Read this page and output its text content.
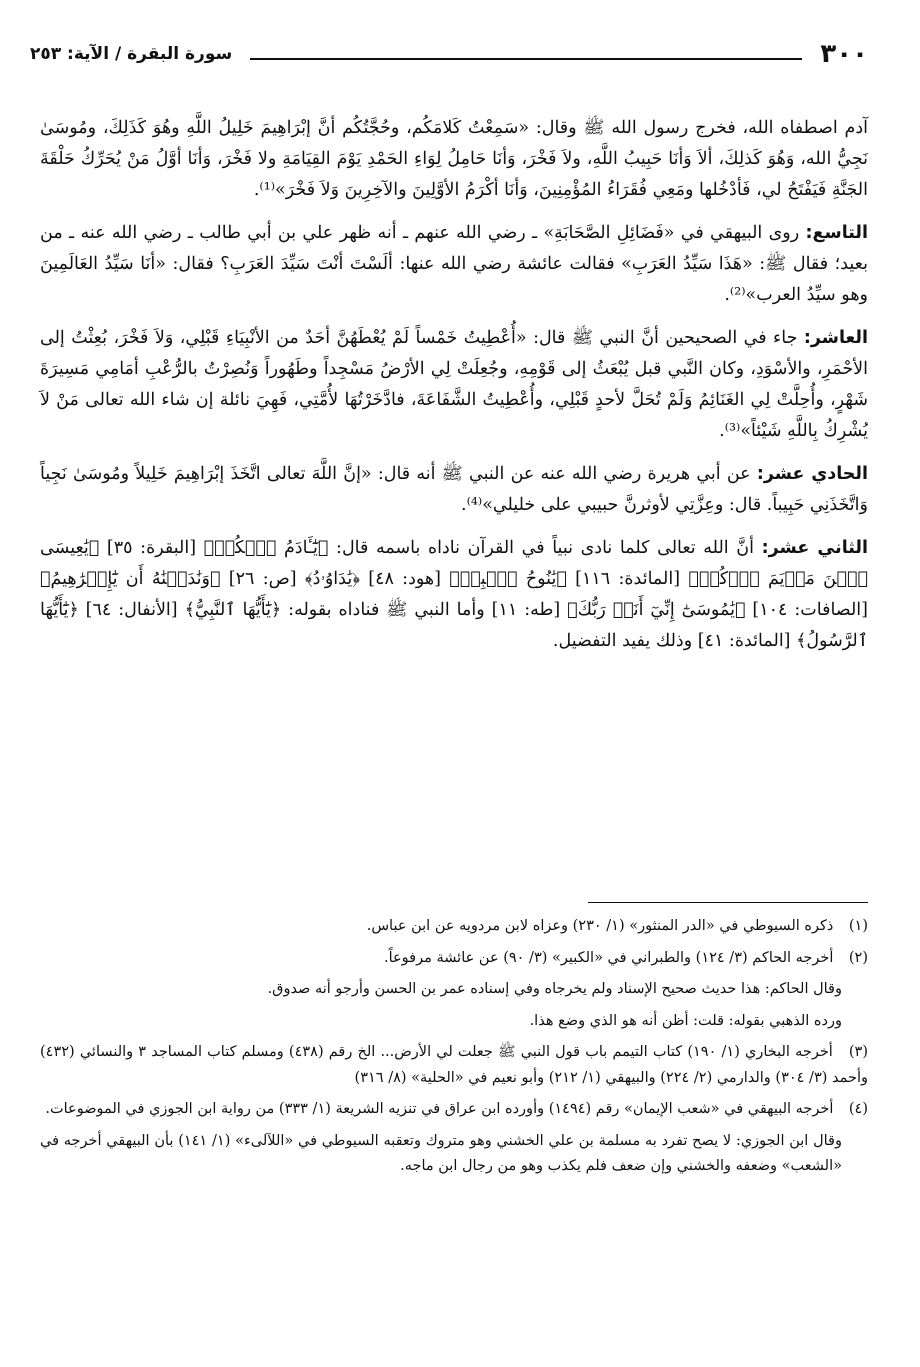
٣٠٠
سورة البقرة / الآية: ٢٥٣

آدم اصطفاه الله، فخرج رسول الله ﷺ وقال: «سَمِعْتُ كَلامَكُم، وحُجَّتُكُم أنَّ إبْرَاهِيمَ خَلِيلُ اللَّهِ وهُوَ كَذَلِكَ، ومُوسَىٰ نَجِيُّ الله، وَهُوَ كَذلِكَ، ألاَ وَأنَا حَبِيبُ اللَّهِ، ولاَ فَخْرَ، وَأنَا حَامِلُ لِوَاءِ الحَمْدِ يَوْمَ القِيَامَةِ ولا فَخْرَ، وَأنَا أوَّلُ مَنْ يُحَرِّكُ حَلْقَةَ الجَنَّةِ فَيَفْتَحُ لي، فَأدْخُلها ومَعِي فُقَرَاءُ المُؤْمِنِينَ، وَأنَا أكْرَمُ الأوَّلِينَ والآخِرِينَ وَلاَ فَخْرَ»⁽¹⁾.

التاسع: روى البيهقي في «فَضَائِلِ الصَّحَابَةِ» ـ رضي الله عنهم ـ أنه ظهر علي بن أبي طالب ـ رضي الله عنه ـ من بعيد؛ فقال ﷺ: «هَذَا سَيِّدُ العَرَبِ» فقالت عائشة رضي الله عنها: ألَسْتَ أنْتَ سَيِّدَ العَرَبِ؟ فقال: «أنَا سَيِّدُ العَالَمِينَ وهو سيِّدُ العرب»⁽²⁾.

العاشر: جاء في الصحيحين أنَّ النبي ﷺ قال: «أُعْطِيتُ خَمْساً لَمْ يُعْطَهُنَّ أحَدٌ من الأنْبِيَاءِ قَبْلِي، وَلاَ فَخْرَ، بُعِثْتُ إلى الأحْمَرِ، والأسْوَدِ، وكان النَّبي قبل يُبْعَثُ إلى قَوْمِهِ، وجُعِلَتْ لِي الأرْضُ مَسْجِداً وطَهُوراً وَنُصِرْتُ بالرُّعْبِ أمَامِي مَسِيرَةَ شَهْرٍ، وأُحِلَّتْ لِي الغَنَائِمُ وَلَمْ تُحَلَّ لأحدٍ قَبْلِي، وأُعْطِيتُ الشَّفَاعَةَ، فادَّخَرْتُهَا لأُمَّتِي، فَهِيَ نائلة إن شاء الله تعالى مَنْ لاَ يُشْرِكُ بِاللَّهِ شَيْئاً»⁽³⁾.

الحادي عشر: عن أبي هريرة رضي الله عنه عن النبي ﷺ أنه قال: «إنَّ اللَّهَ تعالى اتَّخَذَ إبْرَاهِيمَ خَلِيلاً ومُوسَىٰ نَجِياً وَاتَّخَذَنِي حَبِيباً. قال: وعِزَّتِي لأوثرنَّ حبيبي على خليلي»⁽⁴⁾.

الثاني عشر: أنَّ الله تعالى كلما نادى نبياً في القرآن ناداه باسمه قال: ﴿يَٰٓـَٔادَمُ ٱسۡكُنۡ﴾ [البقرة: ٣٥] ﴿يَٰعِيسَى ٱبۡنَ مَرۡيَمَ ٱذۡكُرۡ﴾ [المائدة: ١١٦] ﴿يَٰنُوحُ ٱهۡبِطۡ﴾ [هود: ٤٨] ﴿يَٰدَاوُۥدُ﴾ [ص: ٢٦] ﴿وَنَٰدَيۡنَٰهُ أَن يَٰٓإِبۡرَٰهِيمُ﴾ [الصافات: ١٠٤] ﴿يَٰمُوسَىٰٓ إِنِّيٓ أَنَا۠ رَبُّكَ﴾ [طه: ١١] وأما النبي ﷺ فناداه بقوله: ﴿يَٰٓأَيُّهَا ٱلنَّبِيُّ﴾ [الأنفال: ٦٤] ﴿يَٰٓأَيُّهَا ٱلرَّسُولُ﴾ [المائدة: ٤١] وذلك يفيد التفضيل.

(١) ذكره السيوطي في «الدر المنثور» (١/ ٢٣٠) وعزاه لابن مردويه عن ابن عباس.
(٢) أخرجه الحاكم (٣/ ١٢٤) والطبراني في «الكبير» (٣/ ٩٠) عن عائشة مرفوعاً.
وقال الحاكم: هذا حديث صحيح الإسناد ولم يخرجاه وفي إسناده عمر بن الحسن وأرجو أنه صدوق.
ورده الذهبي بقوله: قلت: أظن أنه هو الذي وضع هذا.
(٣) أخرجه البخاري (١/ ١٩٠) كتاب التيمم باب قول النبي ﷺ جعلت لي الأرض... الخ رقم (٤٣٨) ومسلم كتاب المساجد ٣ والنسائي (٤٣٢) وأحمد (٣/ ٣٠٤) والدارمي (٢/ ٢٢٤) والبيهقي (١/ ٢١٢) وأبو نعيم في «الحلية» (٨/ ٣١٦)
(٤) أخرجه البيهقي في «شعب الإيمان» رقم (١٤٩٤) وأورده ابن عراق في تنزيه الشريعة (١/ ٣٣٣) من رواية ابن الجوزي في الموضوعات.
وقال ابن الجوزي: لا يصح تفرد به مسلمة بن علي الخشني وهو متروك وتعقبه السيوطي في «اللآلىء» (١/ ١٤١) بأن البيهقي أخرجه في «الشعب» وضعفه والخشني وإن ضعف فلم يكذب وهو من رجال ابن ماجه.
